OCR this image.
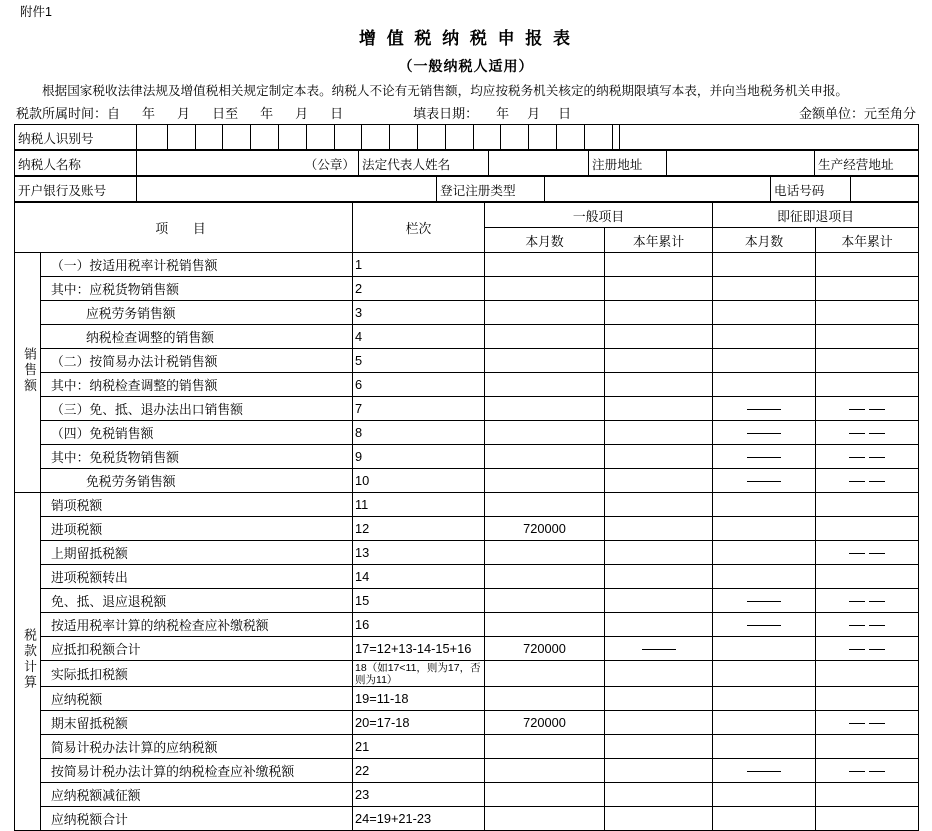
附件1
增 值 税 纳 税 申 报 表
（一般纳税人适用）
根据国家税收法律法规及增值税相关规定制定本表。纳税人不论有无销售额，均应按税务机关核定的纳税期限填写本表，并向当地税务机关申报。
税款所属时间： 自 年 月 日至 年 月 日	填表日期： 年 月 日	金额单位：元至角分
纳税人识别号	

纳税人名称	（公章）	法定代表人姓名		注册地址		生产经营地址
开户银行及账号		登记注册类型		电话号码	
项　目		栏次	一般项目		即征即退项目	
			本月数	本年累计	本月数	本年累计
销售额	（一）按适用税率计税销售额	1				
	其中：应税货物销售额	2				
	应税劳务销售额	3				
	纳税检查调整的销售额	4				
	（二）按简易办法计税销售额	5				
	其中：纳税检查调整的销售额	6				
	（三）免、抵、退办法出口销售额	7				
	（四）免税销售额	8				
	其中：免税货物销售额	9				
	免税劳务销售额	10				
税款计算	销项税额	11				
	进项税额	12	720000			
	上期留抵税额	13				
	进项税额转出	14				
	免、抵、退应退税额	15				
	按适用税率计算的纳税检查应补缴税额	16				
	应抵扣税额合计	17=12+13-14-15+16	720000			
	实际抵扣税额	18（如17<11，则为17，否则为11）				
	应纳税额	19=11-18				
	期末留抵税额	20=17-18	720000			
	简易计税办法计算的应纳税额	21				
	按简易计税办法计算的纳税检查应补缴税额	22				
	应纳税额减征额	23				
	应纳税额合计	24=19+21-23				
